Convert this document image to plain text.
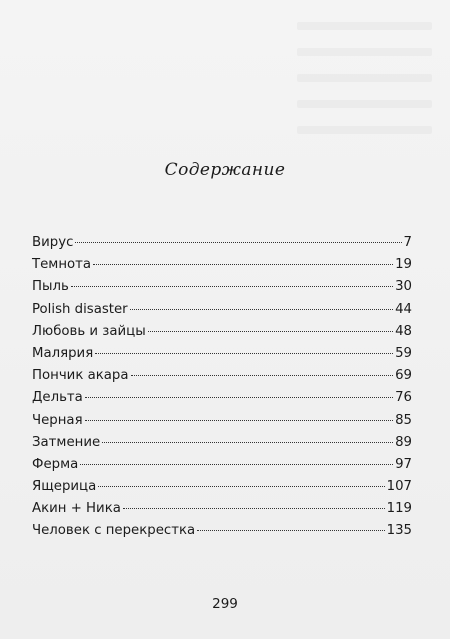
Содержание
Вирус	7
Темнота	19
Пыль	30
Polish disaster	44
Любовь и зайцы	48
Малярия	59
Пончик акара	69
Дельта	76
Черная	85
Затмение	89
Ферма	97
Ящерица	107
Акин + Ника	119
Человек с перекрестка	135
299
